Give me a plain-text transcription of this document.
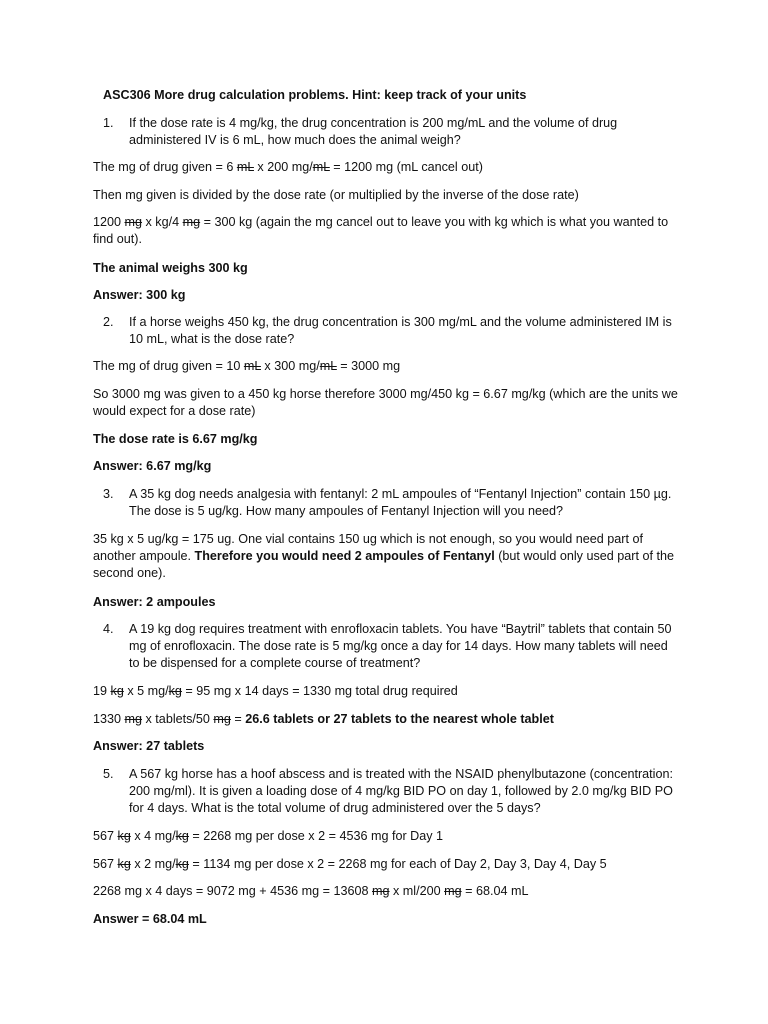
ASC306 More drug calculation problems. Hint: keep track of your units

1.	If the dose rate is 4 mg/kg, the drug concentration is 200 mg/mL and the volume of drug administered IV is 6 mL, how much does the animal weigh?

The mg of drug given = 6 mL x 200 mg/mL = 1200 mg (mL cancel out)

Then mg given is divided by the dose rate (or multiplied by the inverse of the dose rate)

1200 mg x kg/4 mg = 300 kg (again the mg cancel out to leave you with kg which is what you wanted to find out).

The animal weighs 300 kg

Answer: 300 kg

2.	If a horse weighs 450 kg, the drug concentration is 300 mg/mL and the volume administered IM is 10 mL, what is the dose rate?

The mg of drug given = 10 mL x 300 mg/mL = 3000 mg

So 3000 mg was given to a 450 kg horse therefore 3000 mg/450 kg = 6.67 mg/kg (which are the units we would expect for a dose rate)

The dose rate is 6.67 mg/kg

Answer: 6.67 mg/kg

3.	A 35 kg dog needs analgesia with fentanyl: 2 mL ampoules of “Fentanyl Injection” contain 150 µg. The dose is 5 ug/kg. How many ampoules of Fentanyl Injection will you need?

35 kg x 5 ug/kg = 175 ug. One vial contains 150 ug which is not enough, so you would need part of another ampoule. Therefore you would need 2 ampoules of Fentanyl (but would only used part of the second one).

Answer: 2 ampoules

4.	A 19 kg dog requires treatment with enrofloxacin tablets. You have “Baytril” tablets that contain 50 mg of enrofloxacin. The dose rate is 5 mg/kg once a day for 14 days. How many tablets will need to be dispensed for a complete course of treatment?

19 kg x 5 mg/kg = 95 mg x 14 days = 1330 mg total drug required

1330 mg x tablets/50 mg = 26.6 tablets or 27 tablets to the nearest whole tablet

Answer: 27 tablets

5.	A 567 kg horse has a hoof abscess and is treated with the NSAID phenylbutazone (concentration: 200 mg/ml). It is given a loading dose of 4 mg/kg BID PO on day 1, followed by 2.0 mg/kg BID PO for 4 days. What is the total volume of drug administered over the 5 days?

567 kg x 4 mg/kg = 2268 mg per dose x 2 = 4536 mg for Day 1

567 kg x 2 mg/kg = 1134 mg per dose x 2 = 2268 mg for each of Day 2, Day 3, Day 4, Day 5

2268 mg x 4 days = 9072 mg + 4536 mg = 13608 mg x ml/200 mg = 68.04 mL

Answer = 68.04 mL
